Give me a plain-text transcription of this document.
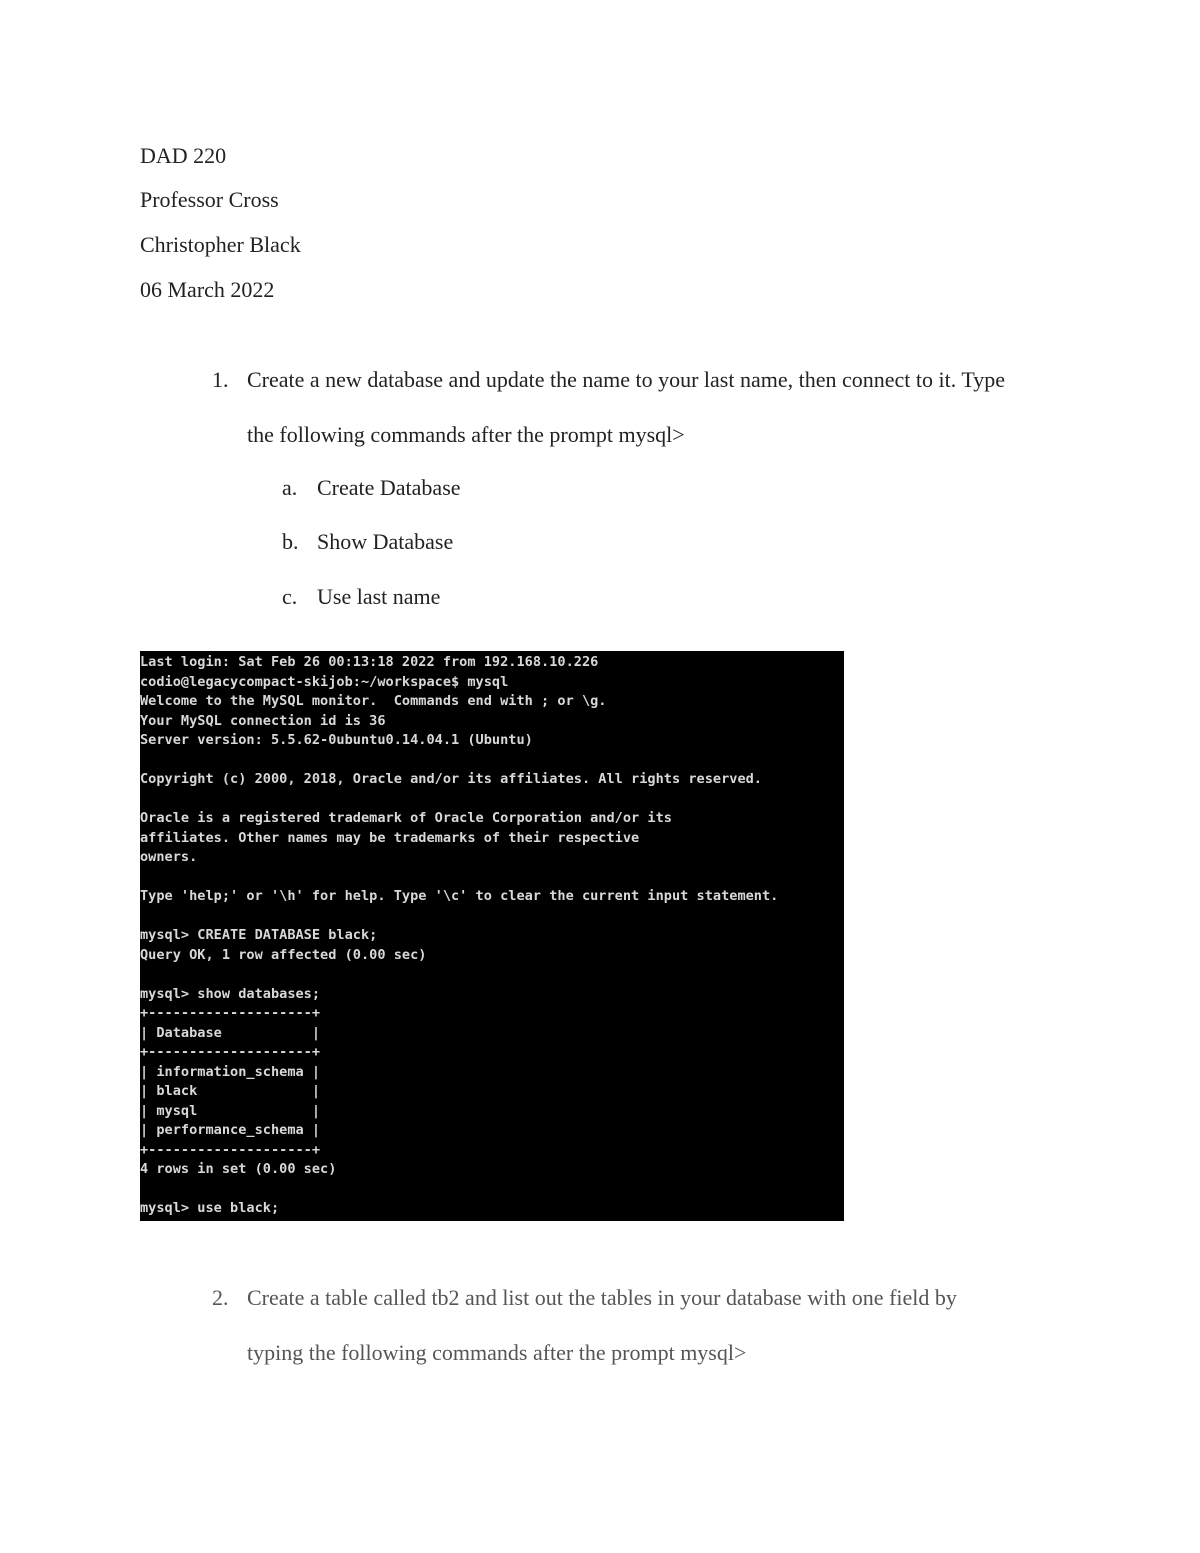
DAD 220
Professor Cross
Christopher Black
06 March 2022
1. Create a new database and update the name to your last name, then connect to it. Type
the following commands after the prompt mysql>
a. Create Database
b. Show Database
c. Use last name
Last login: Sat Feb 26 00:13:18 2022 from 192.168.10.226
codio@legacycompact-skijob:~/workspace$ mysql
Welcome to the MySQL monitor.  Commands end with ; or \g.
Your MySQL connection id is 36
Server version: 5.5.62-0ubuntu0.14.04.1 (Ubuntu)

Copyright (c) 2000, 2018, Oracle and/or its affiliates. All rights reserved.

Oracle is a registered trademark of Oracle Corporation and/or its
affiliates. Other names may be trademarks of their respective
owners.

Type 'help;' or '\h' for help. Type '\c' to clear the current input statement.

mysql> CREATE DATABASE black;
Query OK, 1 row affected (0.00 sec)

mysql> show databases;
+--------------------+
| Database           |
+--------------------+
| information_schema |
| black              |
| mysql              |
| performance_schema |
+--------------------+
4 rows in set (0.00 sec)

mysql> use black;
2. Create a table called tb2 and list out the tables in your database with one field by
typing the following commands after the prompt mysql>
